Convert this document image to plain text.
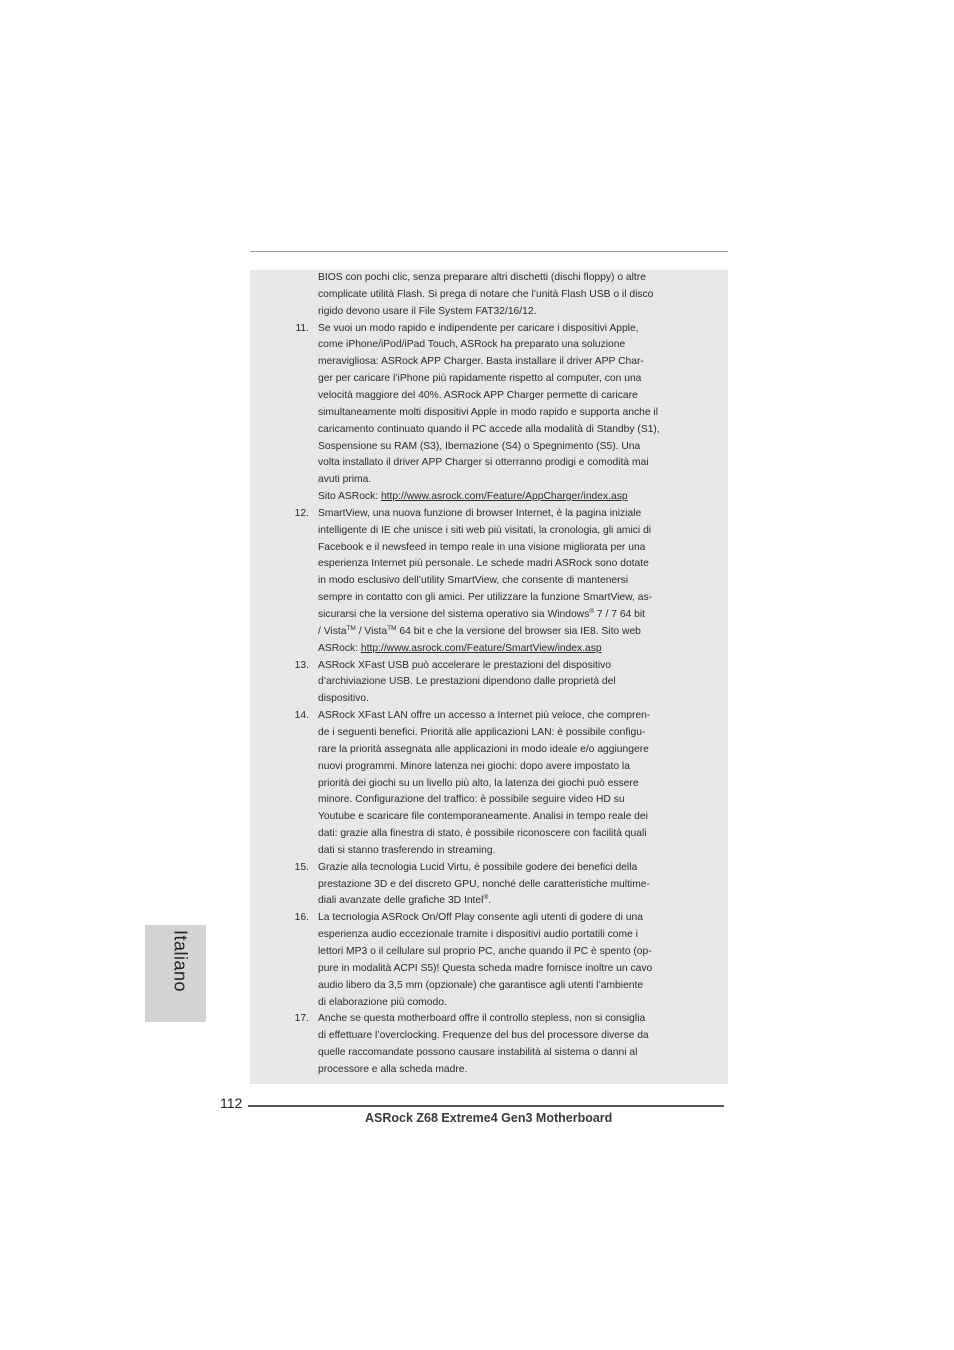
BIOS con pochi clic, senza preparare altri dischetti (dischi floppy) o altre
complicate utilità Flash. Si prega di notare che l’unità Flash USB o il disco
rigido devono usare il File System FAT32/16/12.
11. Se vuoi un modo rapido e indipendente per caricare i dispositivi Apple,
come iPhone/iPod/iPad Touch, ASRock ha preparato una soluzione
meravigliosa: ASRock APP Charger. Basta installare il driver APP Char-
ger per caricare l’iPhone più rapidamente rispetto al computer, con una
velocità maggiore del 40%. ASRock APP Charger permette di caricare
simultaneamente molti dispositivi Apple in modo rapido e supporta anche il
caricamento continuato quando il PC accede alla modalità di Standby (S1),
Sospensione su RAM (S3), Ibernazione (S4) o Spegnimento (S5). Una
volta installato il driver APP Charger si otterranno prodigi e comodità mai
avuti prima.
Sito ASRock: http://www.asrock.com/Feature/AppCharger/index.asp
12. SmartView, una nuova funzione di browser Internet, è la pagina iniziale
intelligente di IE che unisce i siti web più visitati, la cronologia, gli amici di
Facebook e il newsfeed in tempo reale in una visione migliorata per una
esperienza Internet più personale. Le schede madri ASRock sono dotate
in modo esclusivo dell’utility SmartView, che consente di mantenersi
sempre in contatto con gli amici. Per utilizzare la funzione SmartView, as-
sicurarsi che la versione del sistema operativo sia Windows® 7 / 7 64 bit
/ Vista™ / Vista™ 64 bit e che la versione del browser sia IE8. Sito web
ASRock: http://www.asrock.com/Feature/SmartView/index.asp
13. ASRock XFast USB può accelerare le prestazioni del dispositivo
d’archiviazione USB. Le prestazioni dipendono dalle proprietà del
dispositivo.
14. ASRock XFast LAN offre un accesso a Internet più veloce, che compren-
de i seguenti benefici. Priorità alle applicazioni LAN: è possibile configu-
rare la priorità assegnata alle applicazioni in modo ideale e/o aggiungere
nuovi programmi. Minore latenza nei giochi: dopo avere impostato la
priorità dei giochi su un livello più alto, la latenza dei giochi può essere
minore. Configurazione del traffico: è possibile seguire video HD su
Youtube e scaricare file contemporaneamente. Analisi in tempo reale dei
dati: grazie alla finestra di stato, è possibile riconoscere con facilità quali
dati si stanno trasferendo in streaming.
15. Grazie alla tecnologia Lucid Virtu, è possibile godere dei benefici della
prestazione 3D e del discreto GPU, nonché delle caratteristiche multime-
diali avanzate delle grafiche 3D Intel®.
16. La tecnologia ASRock On/Off Play consente agli utenti di godere di una
esperienza audio eccezionale tramite i dispositivi audio portatili come i
lettori MP3 o il cellulare sul proprio PC, anche quando il PC è spento (op-
pure in modalità ACPI S5)! Questa scheda madre fornisce inoltre un cavo
audio libero da 3,5 mm (opzionale) che garantisce agli utenti l’ambiente
di elaborazione più comodo.
17. Anche se questa motherboard offre il controllo stepless, non si consiglia
di effettuare l’overclocking. Frequenze del bus del processore diverse da
quelle raccomandate possono causare instabilità al sistema o danni al
processore e alla scheda madre.
Italiano
112
ASRock Z68 Extreme4 Gen3 Motherboard
